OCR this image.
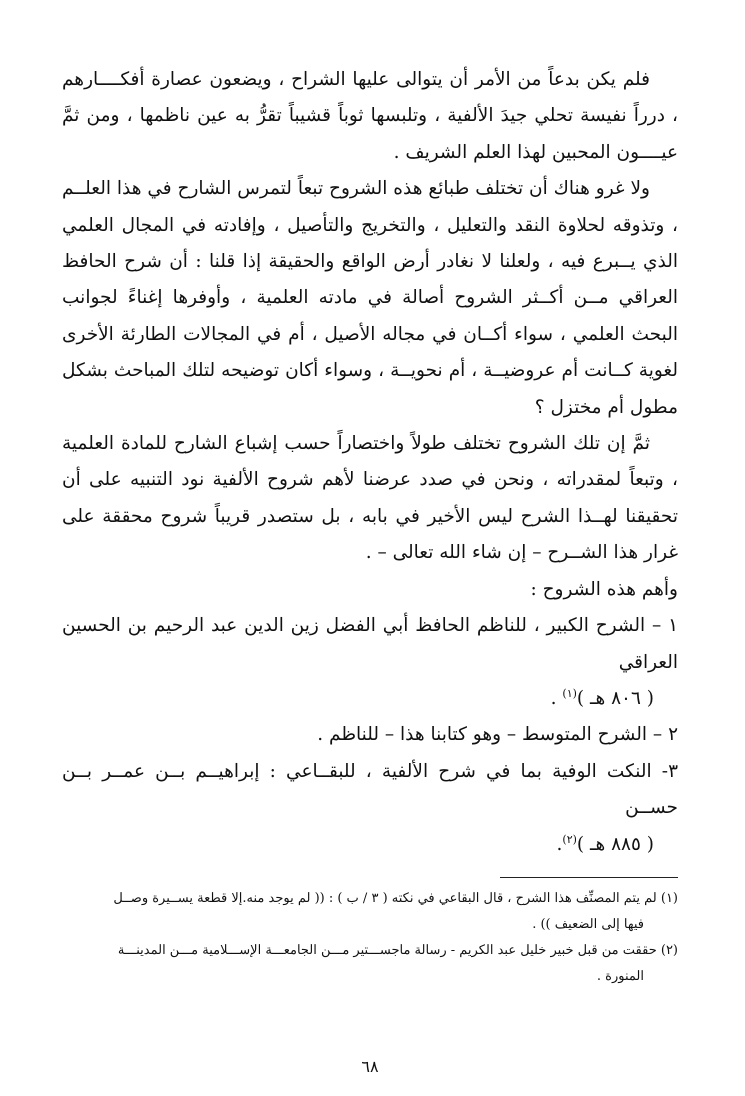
فلم يكن بدعاً من الأمر أن يتوالى عليها الشراح ، ويضعون عصارة أفكــــارهم ، درراً نفيسة تحلي جيدَ الألفية ، وتلبسها ثوباً قشيباً تقرُّ به عين ناظمها ، ومن ثمَّ عيــــون المحبين لهذا العلم الشريف .

ولا غرو هناك أن تختلف طبائع هذه الشروح تبعاً لتمرس الشارح في هذا العلــم ، وتذوقه لحلاوة النقد والتعليل ، والتخريج والتأصيل ، وإفادته في المجال العلمي الذي يــبرع فيه ، ولعلنا لا نغادر أرض الواقع والحقيقة إذا قلنا : أن شرح الحافظ العراقي مــن أكــثر الشروح أصالة في مادته العلمية ، وأوفرها إغناءً لجوانب البحث العلمي ، سواء أكــان في مجاله الأصيل ، أم في المجالات الطارئة الأخرى لغوية كــانت أم عروضيــة ، أم نحويــة ، وسواء أكان توضيحه لتلك المباحث بشكل مطول أم مختزل ؟

ثمَّ إن تلك الشروح تختلف طولاً واختصاراً حسب إشباع الشارح للمادة العلمية ، وتبعاً لمقدراته ، ونحن في صدد عرضنا لأهم شروح الألفية نود التنبيه على أن تحقيقنا لهــذا الشرح ليس الأخير في بابه ، بل ستصدر قريباً شروح محققة على غرار هذا الشــرح – إن شاء الله تعالى – .

وأهم هذه الشروح :

١ – الشرح الكبير ، للناظم الحافظ أبي الفضل زين الدين عبد الرحيم بن الحسين العراقي
( ٨٠٦ هـ )$^{(١)}$ .

٢ – الشرح المتوسط – وهو كتابنا هذا – للناظم .

٣- النكت الوفية بما في شرح الألفية ، للبقــاعي : إبراهيــم بــن عمــر بــن حســن
( ٨٨٥ هـ )$^{(٢)}$.

(١) لم يتم المصنِّف هذا الشرح ، قال البقاعي في نكته ( ٣ / ب ) : (( لم يوجد منه.إلا قطعة يســيرة وصــل

فيها إلى الضعيف )) .

(٢) حققت من قبل خبير خليل عبد الكريم - رسالة ماجســـتير مـــن الجامعـــة الإســـلامية مـــن المدينـــة

المنورة .

٦٨
